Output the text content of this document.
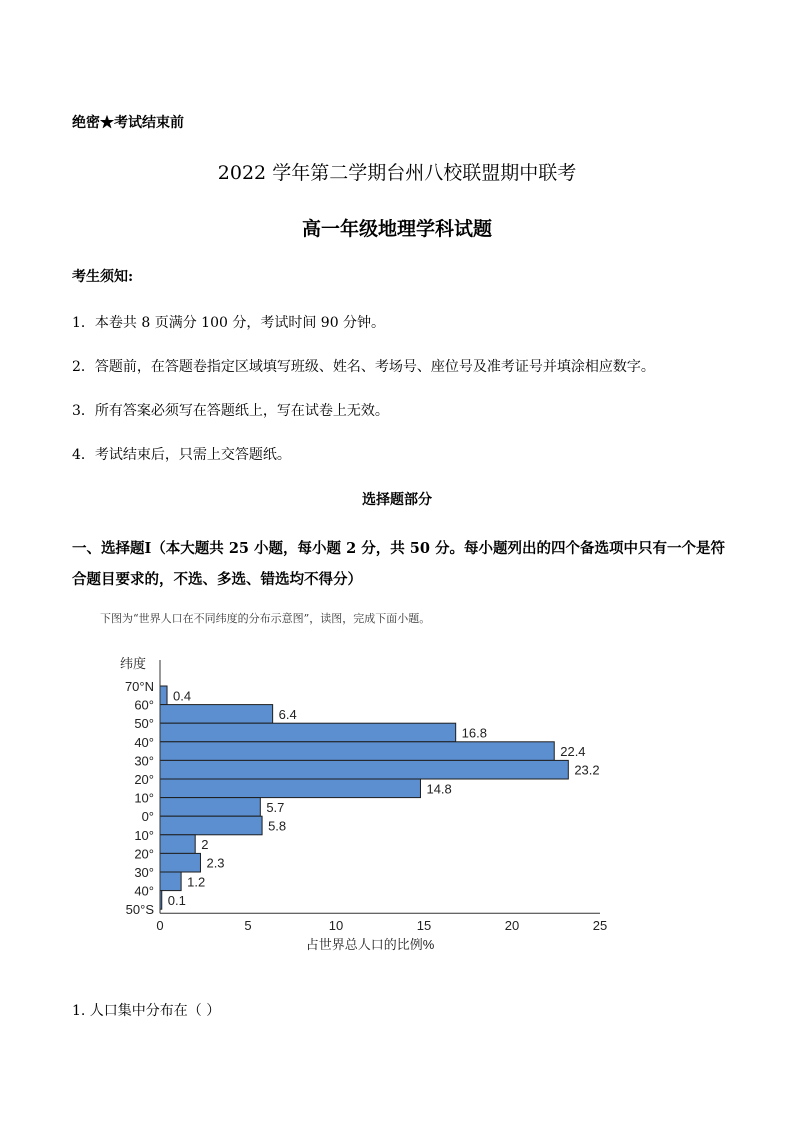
绝密★考试结束前
2022 学年第二学期台州八校联盟期中联考
高一年级地理学科试题
考生须知:
1．本卷共 8 页满分 100 分，考试时间 90 分钟。
2．答题前，在答题卷指定区域填写班级、姓名、考场号、座位号及准考证号并填涂相应数字。
3．所有答案必须写在答题纸上，写在试卷上无效。
4．考试结束后，只需上交答题纸。
选择题部分
一、选择题Ⅰ（本大题共 25 小题，每小题 2 分，共 50 分。每小题列出的四个备选项中只有一个是符合题目要求的，不选、多选、错选均不得分）
下图为“世界人口在不同纬度的分布示意图”，读图，完成下面小题。
纬度
0.4
6.4
16.8
22.4
23.2
14.8
5.7
5.8
2
2.3
1.2
0.1
70°N
60°
50°
40°
30°
20°
10°
0°
10°
20°
30°
40°
50°S
0	5	10	15	20	25
占世界总人口的比例%
1. 人口集中分布在（ ）
